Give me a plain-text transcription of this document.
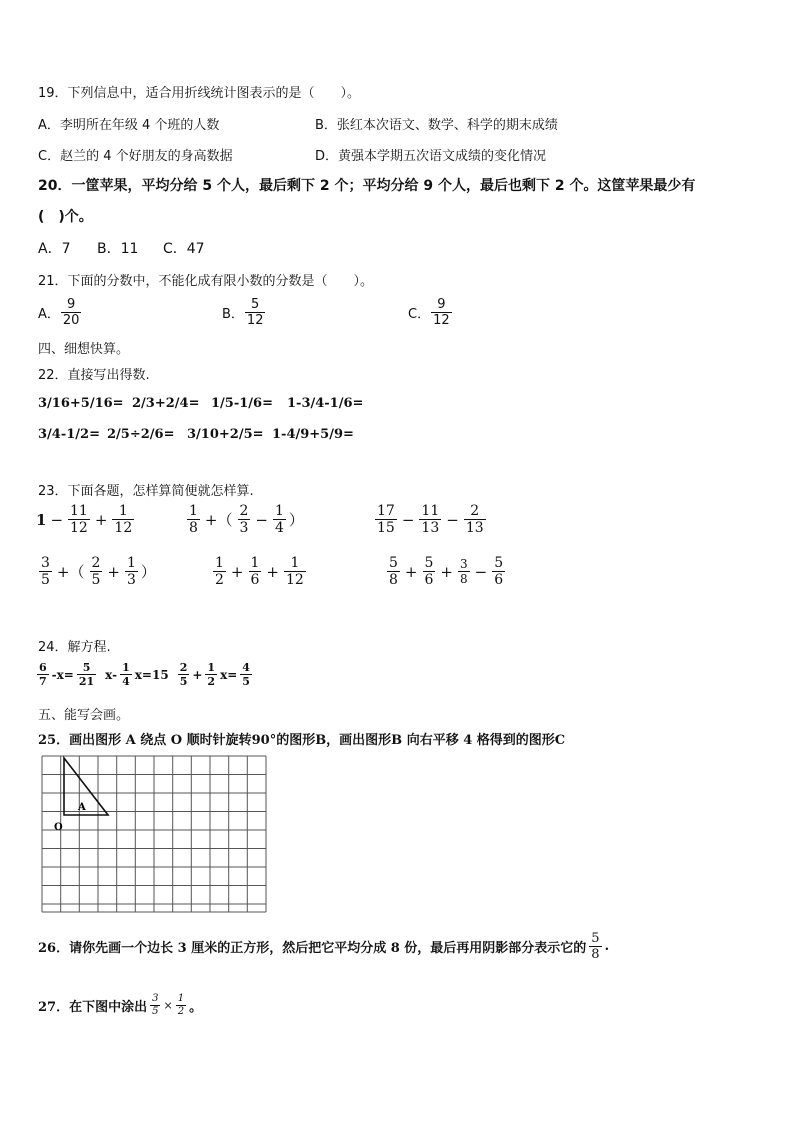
19．下列信息中，适合用折线统计图表示的是（　　）。
A．李明所在年级 4 个班的人数	B．张红本次语文、数学、科学的期末成绩
C．赵兰的 4 个好朋友的身高数据	D．黄强本学期五次语文成绩的变化情况
20．一筐苹果，平均分给 5 个人，最后剩下 2 个；平均分给 9 个人，最后也剩下 2 个。这筐苹果最少有
(　)个。
A．7 B．11 C．47
21．下面的分数中，不能化成有限小数的分数是（　　）。
A． $\frac{9}{20}$	B． $\frac{5}{12}$	C． $\frac{9}{12}$
四、细想快算。
22．直接写出得数.
3/16+5/16= 2/3+2/4= 1/5-1/6= 1-3/4-1/6=
3/4-1/2= 2/5÷2/6= 3/10+2/5= 1-4/9+5/9=
23．下面各题，怎样算简便就怎样算.
$1 - \frac{11}{12} + \frac{1}{12}$	$\frac{1}{8}$ +（ $\frac{2}{3} - \frac{1}{4}$ ）	$\frac{17}{15} - \frac{11}{13} - \frac{2}{13}$
$\frac{3}{5}$ +（ $\frac{2}{5} + \frac{1}{3}$ ）	$\frac{1}{2} + \frac{1}{6} + \frac{1}{12}$	$\frac{5}{8} + \frac{5}{6} + \frac{3}{8} - \frac{5}{6}$
24．解方程.
$\frac{6}{7} -x= \frac{5}{21} x- \frac{1}{4} x=15 \frac{2}{5} + \frac{1}{2} x= \frac{4}{5}$
五、能写会画。
25．画出图形 A 绕点 O 顺时针旋转90°的图形B，画出图形B 向右平移 4 格得到的图形C
A
O
26．请你先画一个边长 3 厘米的正方形，然后把它平均分成 8 份，最后再用阴影部分表示它的 $\frac{5}{8}$ .
27．在下图中涂出 $\frac{3}{5} \times \frac{1}{2}$ 。
